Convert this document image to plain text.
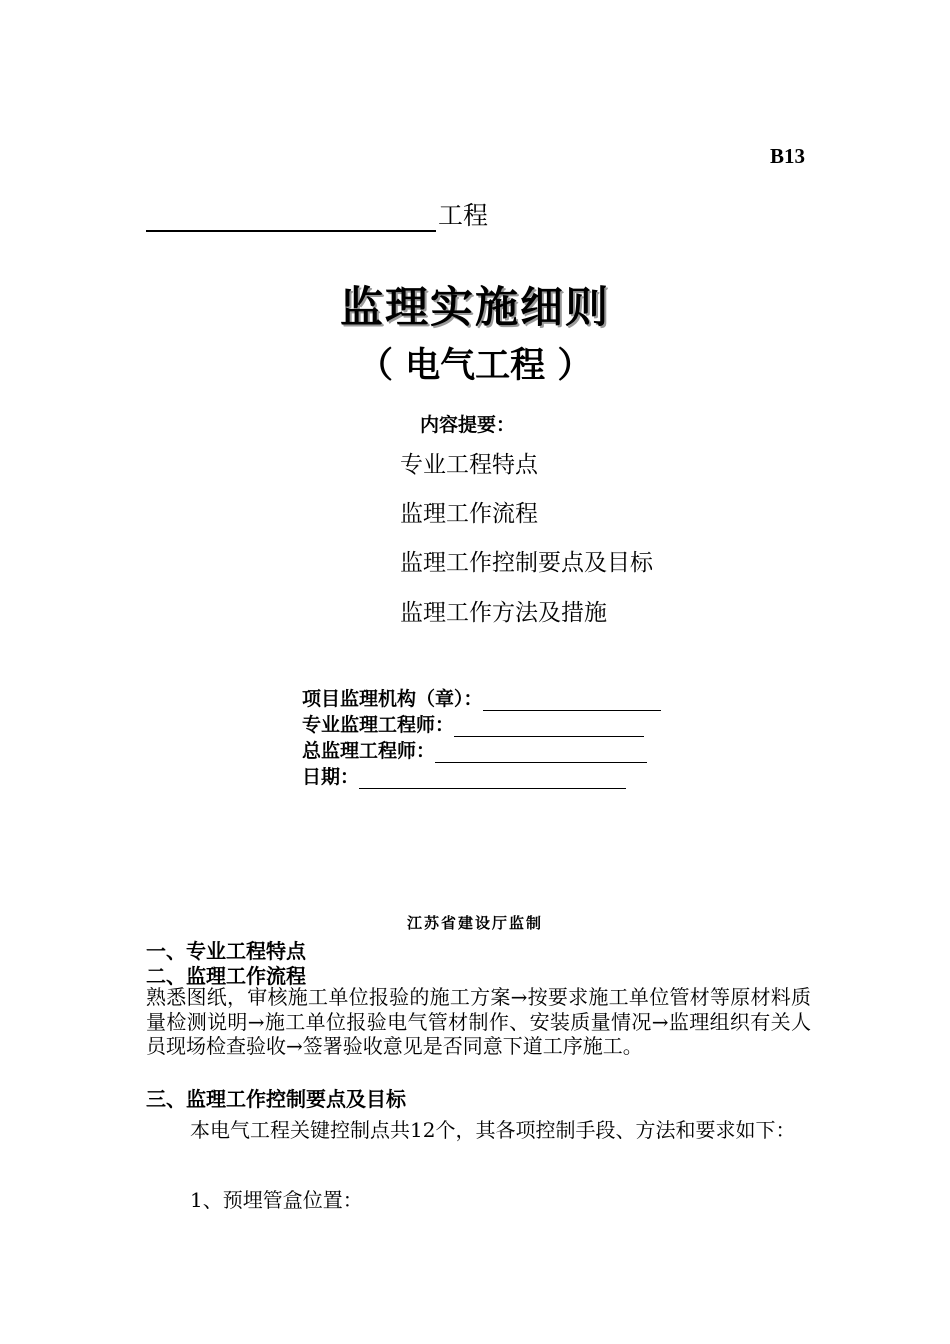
B13
工程
监理实施细则
（ 电气工程 ）
内容提要：
专业工程特点
监理工作流程
监理工作控制要点及目标
监理工作方法及措施
项目监理机构（章）：
专业监理工程师：
总监理工程师：
日期：
江苏省建设厅监制
一、专业工程特点
二、监理工作流程
熟悉图纸，审核施工单位报验的施工方案→按要求施工单位管材等原材料质量检测说明→施工单位报验电气管材制作、安装质量情况→监理组织有关人员现场检查验收→签署验收意见是否同意下道工序施工。
三、监理工作控制要点及目标
本电气工程关键控制点共12个，其各项控制手段、方法和要求如下：
1、预埋管盒位置：
